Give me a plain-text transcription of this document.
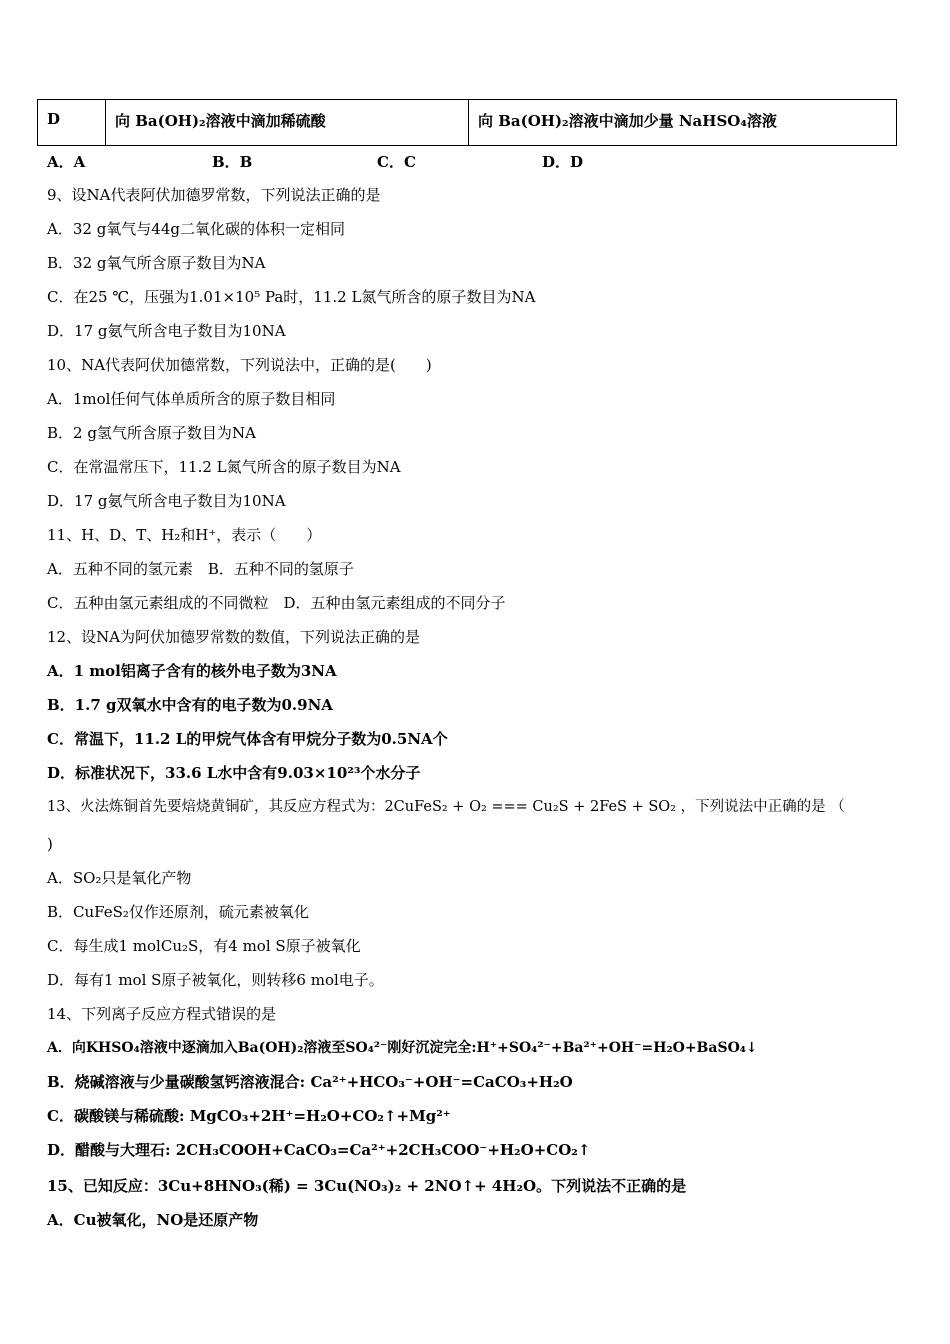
D	向 Ba(OH)₂溶液中滴加稀硫酸	向 Ba(OH)₂溶液中滴加少量 NaHSO₄溶液
A．A	B．B	C．C	D．D
9、设NA代表阿伏加德罗常数，下列说法正确的是
A．32 g氧气与44g二氧化碳的体积一定相同
B．32 g氧气所含原子数目为NA
C．在25 ℃，压强为1.01×10⁵ Pa时，11.2 L氮气所含的原子数目为NA
D．17 g氨气所含电子数目为10NA
10、NA代表阿伏加德常数，下列说法中，正确的是(　　)
A．1mol任何气体单质所含的原子数目相同
B．2 g氢气所含原子数目为NA
C．在常温常压下，11.2 L氮气所含的原子数目为NA
D．17 g氨气所含电子数目为10NA
11、H、D、T、H₂和H⁺，表示（　　）
A．五种不同的氢元素　B．五种不同的氢原子
C．五种由氢元素组成的不同微粒　D．五种由氢元素组成的不同分子
12、设NA为阿伏加德罗常数的数值，下列说法正确的是
A．1 mol铝离子含有的核外电子数为3NA
B．1.7 g双氧水中含有的电子数为0.9NA
C．常温下，11.2 L的甲烷气体含有甲烷分子数为0.5NA个
D．标准状况下，33.6 L水中含有9.03×10²³个水分子
13、火法炼铜首先要焙烧黄铜矿，其反应方程式为：2CuFeS₂ + O₂ === Cu₂S + 2FeS + SO₂ ，下列说法中正确的是 （
)
A．SO₂只是氧化产物
B．CuFeS₂仅作还原剂，硫元素被氧化
C．每生成1 molCu₂S，有4 mol S原子被氧化
D．每有1 mol S原子被氧化，则转移6 mol电子。
14、下列离子反应方程式错误的是
A．向KHSO₄溶液中逐滴加入Ba(OH)₂溶液至SO₄²⁻刚好沉淀完全:H⁺+SO₄²⁻+Ba²⁺+OH⁻=H₂O+BaSO₄↓
B．烧碱溶液与少量碳酸氢钙溶液混合: Ca²⁺+HCO₃⁻+OH⁻=CaCO₃+H₂O
C．碳酸镁与稀硫酸: MgCO₃+2H⁺=H₂O+CO₂↑+Mg²⁺
D．醋酸与大理石: 2CH₃COOH+CaCO₃=Ca²⁺+2CH₃COO⁻+H₂O+CO₂↑
15、已知反应：3Cu+8HNO₃(稀) = 3Cu(NO₃)₂ + 2NO↑+ 4H₂O。下列说法不正确的是
A．Cu被氧化，NO是还原产物
